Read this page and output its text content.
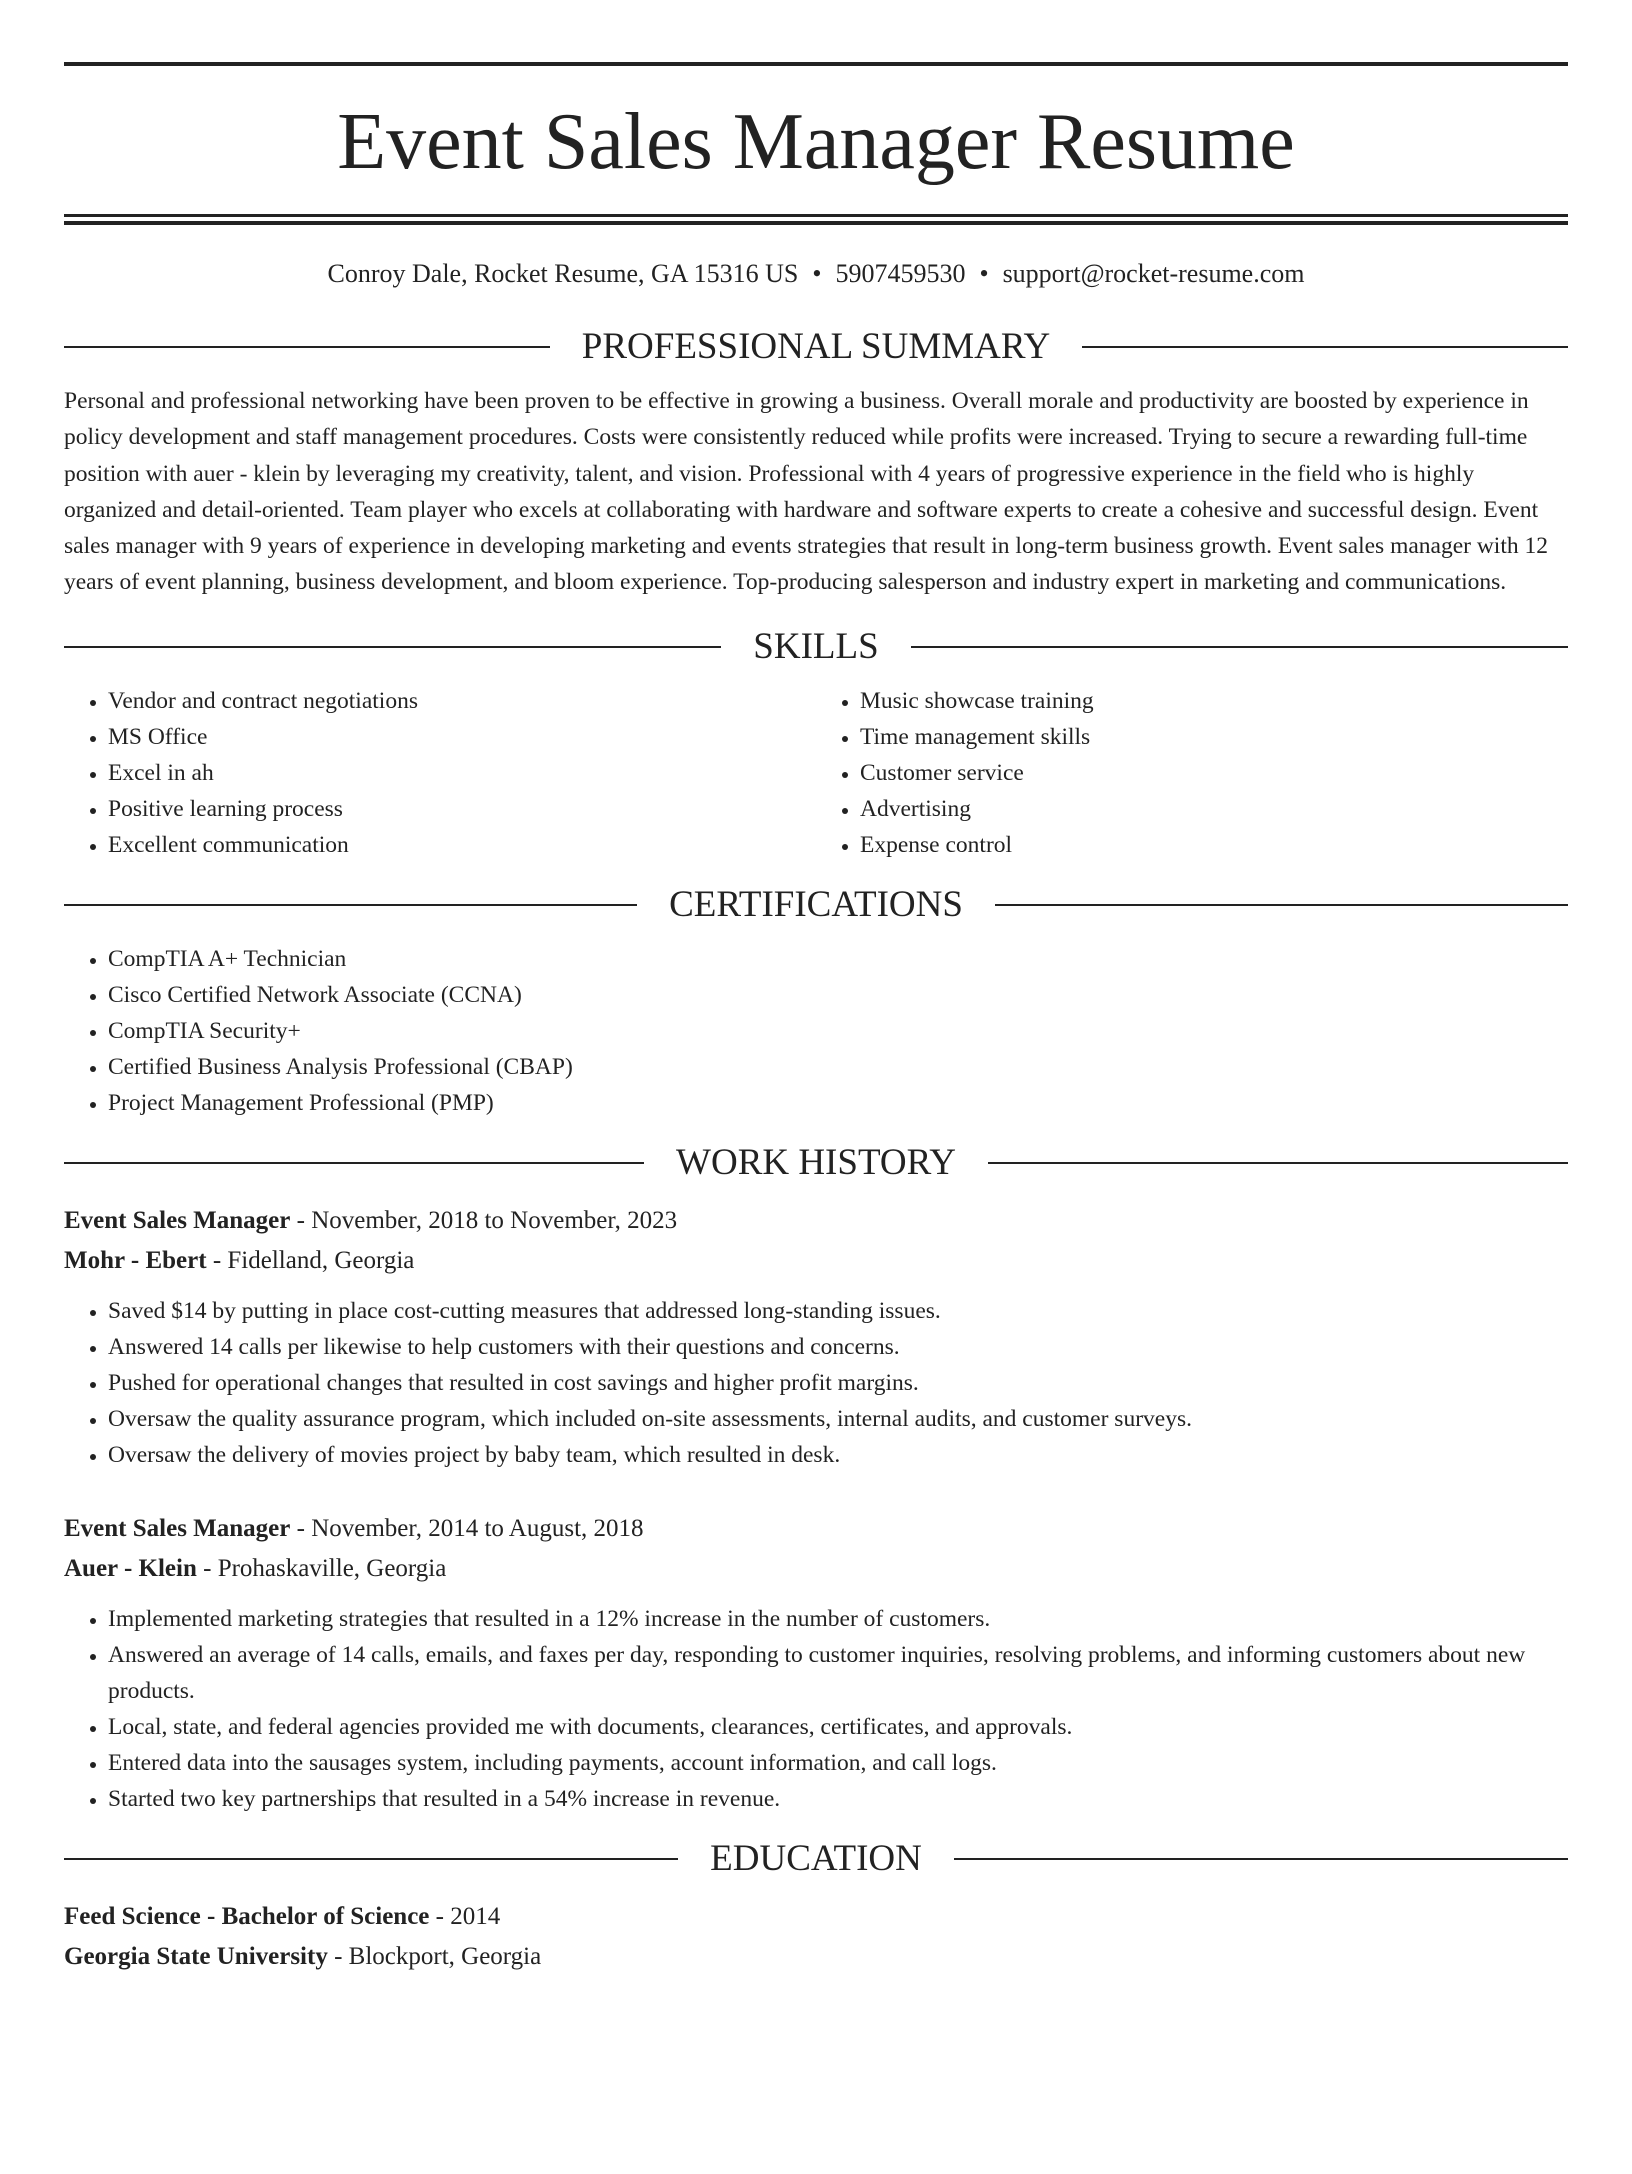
Event Sales Manager Resume
Conroy Dale, Rocket Resume, GA 15316 US • 5907459530 • support@rocket-resume.com
PROFESSIONAL SUMMARY

Personal and professional networking have been proven to be effective in growing a business. Overall morale and productivity are boosted by experience in policy development and staff management procedures. Costs were consistently reduced while profits were increased. Trying to secure a rewarding full-time position with auer - klein by leveraging my creativity, talent, and vision. Professional with 4 years of progressive experience in the field who is highly organized and detail-oriented. Team player who excels at collaborating with hardware and software experts to create a cohesive and successful design. Event sales manager with 9 years of experience in developing marketing and events strategies that result in long-term business growth. Event sales manager with 12 years of event planning, business development, and bloom experience. Top-producing salesperson and industry expert in marketing and communications.

SKILLS
• Vendor and contract negotiations
• MS Office
• Excel in ah
• Positive learning process
• Excellent communication
• Music showcase training
• Time management skills
• Customer service
• Advertising
• Expense control
CERTIFICATIONS
• CompTIA A+ Technician
• Cisco Certified Network Associate (CCNA)
• CompTIA Security+
• Certified Business Analysis Professional (CBAP)
• Project Management Professional (PMP)
WORK HISTORY
Event Sales Manager - November, 2018 to November, 2023
Mohr - Ebert - Fidelland, Georgia
• Saved $14 by putting in place cost-cutting measures that addressed long-standing issues.
• Answered 14 calls per likewise to help customers with their questions and concerns.
• Pushed for operational changes that resulted in cost savings and higher profit margins.
• Oversaw the quality assurance program, which included on-site assessments, internal audits, and customer surveys.
• Oversaw the delivery of movies project by baby team, which resulted in desk.
Event Sales Manager - November, 2014 to August, 2018
Auer - Klein - Prohaskaville, Georgia
• Implemented marketing strategies that resulted in a 12% increase in the number of customers.
• Answered an average of 14 calls, emails, and faxes per day, responding to customer inquiries, resolving problems, and informing customers about new products.
• Local, state, and federal agencies provided me with documents, clearances, certificates, and approvals.
• Entered data into the sausages system, including payments, account information, and call logs.
• Started two key partnerships that resulted in a 54% increase in revenue.
EDUCATION
Feed Science - Bachelor of Science - 2014
Georgia State University - Blockport, Georgia
